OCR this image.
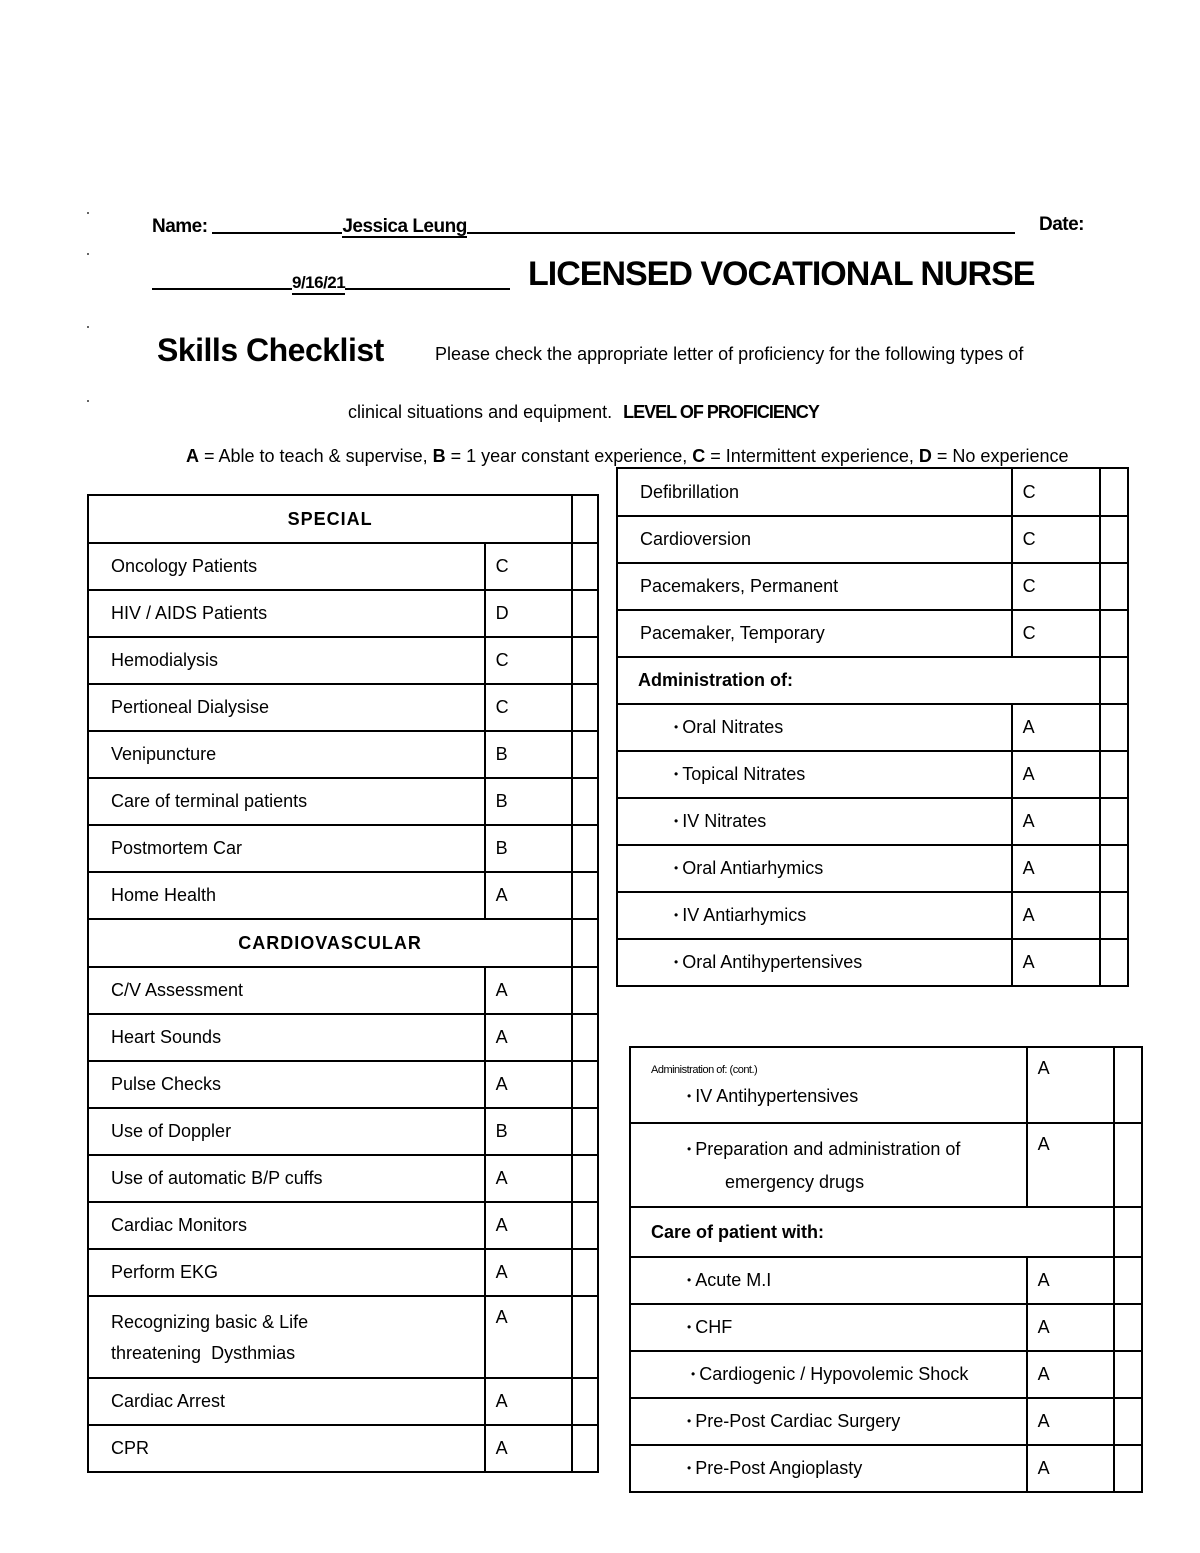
Name:	Jessica Leung	Date:
9/16/21	LICENSED VOCATIONAL NURSE
Skills Checklist	Please check the appropriate letter of proficiency for the following types of
clinical situations and equipment. LEVEL OF PROFICIENCY
A = Able to teach & supervise, B = 1 year constant experience, C = Intermittent experience, D = No experience
SPECIAL		
Oncology Patients	C	
HIV / AIDS Patients	D	
Hemodialysis	C	
Pertioneal Dialysise	C	
Venipuncture	B	
Care of terminal patients	B	
Postmortem Car	B	
Home Health	A	
CARDIOVASCULAR		
C/V Assessment	A	
Heart Sounds	A	
Pulse Checks	A	
Use of Doppler	B	
Use of automatic B/P cuffs	A	
Cardiac Monitors	A	
Perform EKG	A	

Recognizing basic & Life
threatening  Dysthmias	A	
Cardiac Arrest	A	
CPR	A	
Defibrillation	C	
Cardioversion	C	
Pacemakers, Permanent	C	
Pacemaker, Temporary	C	
Administration of:		
• Oral Nitrates	A	
• Topical Nitrates	A	
• IV Nitrates	A	
• Oral Antiarhymics	A	
• IV Antiarhymics	A	
• Oral Antihypertensives	A	
Administration of: (cont.)
• IV Antihypertensives	A	

• Preparation and administration of
emergency drugs	A	
Care of patient with:		
• Acute M.I	A	
• CHF	A	
• Cardiogenic / Hypovolemic Shock	A	
• Pre-Post Cardiac Surgery	A	
• Pre-Post Angioplasty	A	
